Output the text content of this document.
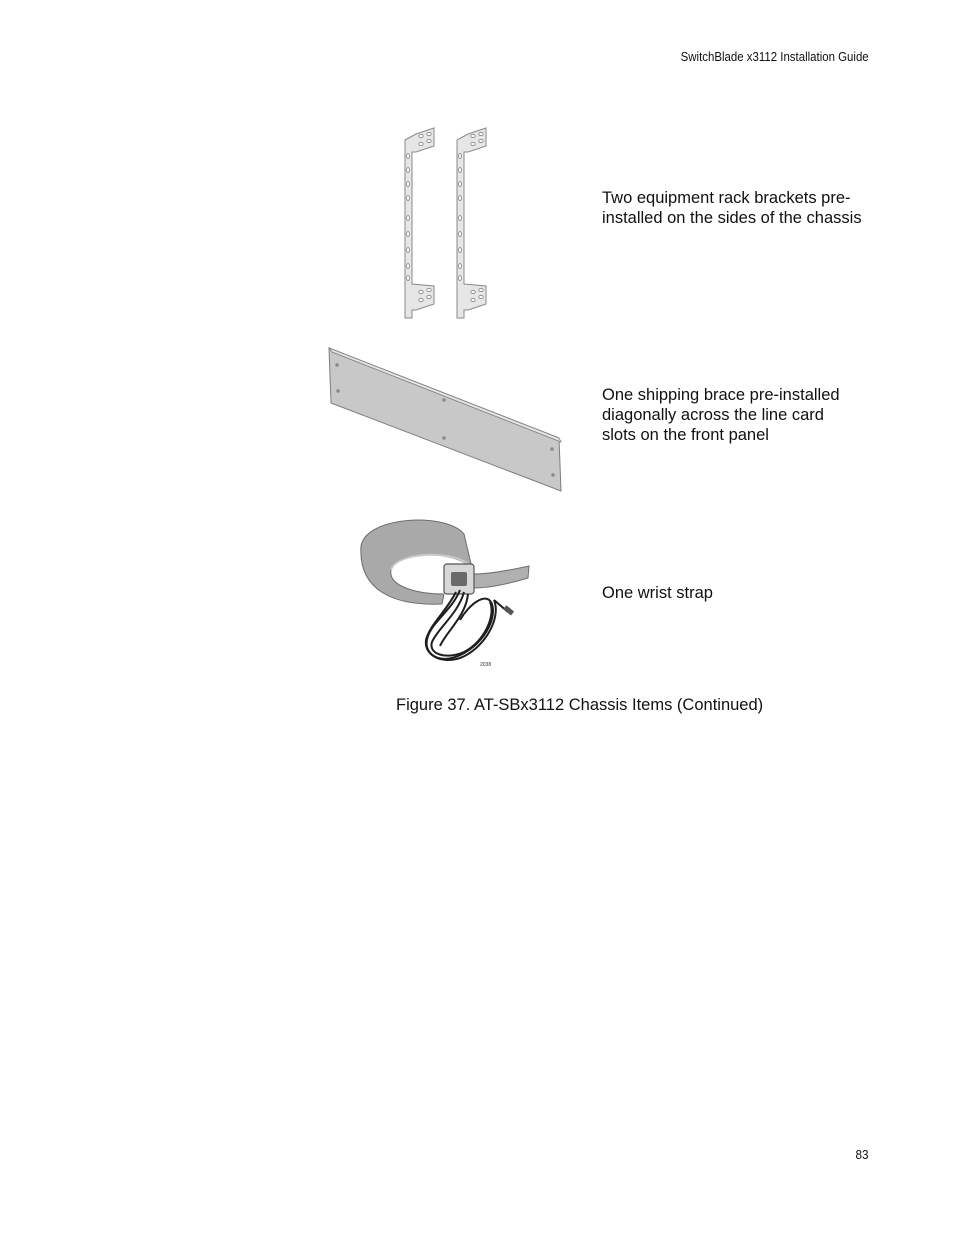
SwitchBlade x3112 Installation Guide
Two equipment rack brackets pre-installed on the sides of the chassis
One shipping brace pre-installed diagonally across the line card slots on the front panel
2038
One wrist strap
Figure 37. AT-SBx3112 Chassis Items (Continued)
83
